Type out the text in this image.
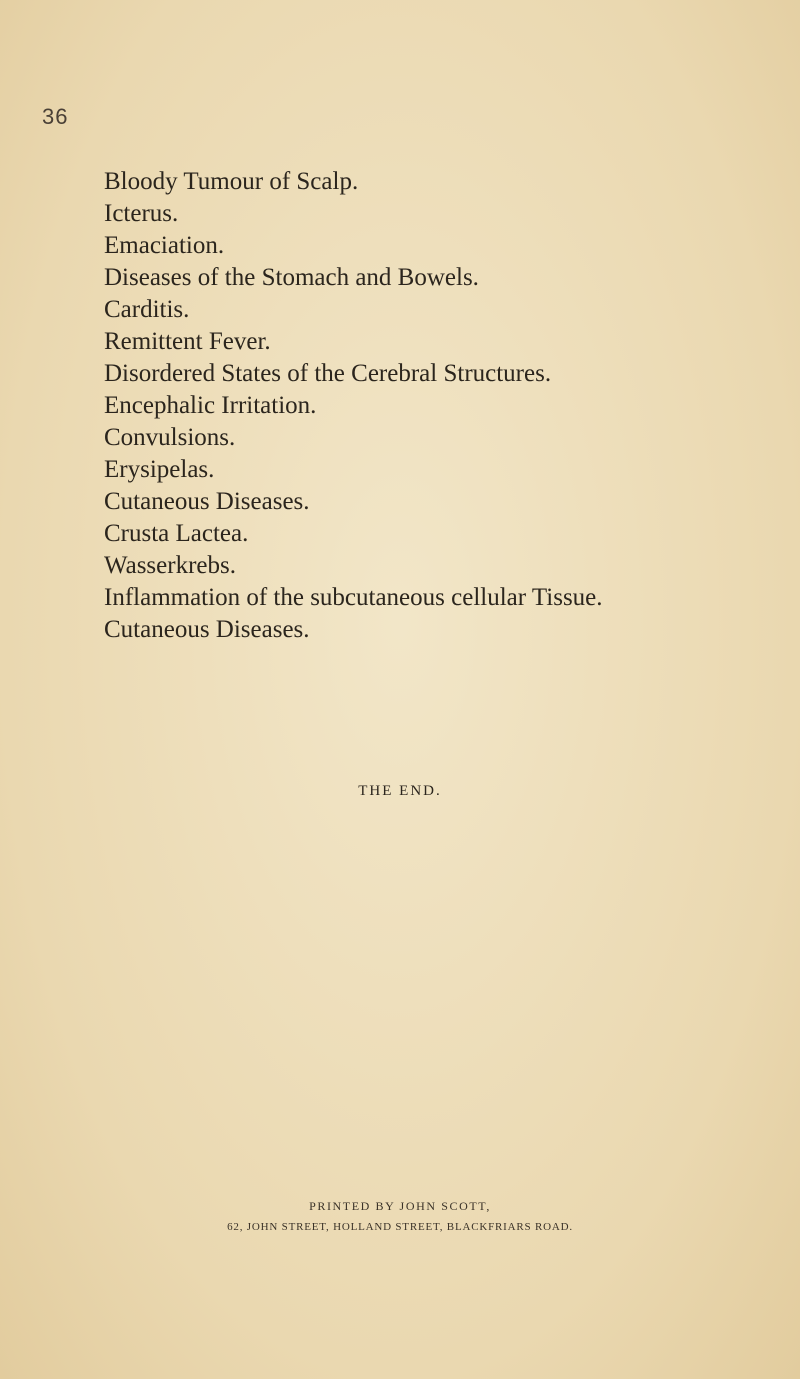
36
Bloody Tumour of Scalp.
Icterus.
Emaciation.
Diseases of the Stomach and Bowels.
Carditis.
Remittent Fever.
Disordered States of the Cerebral Structures.
Encephalic Irritation.
Convulsions.
Erysipelas.
Cutaneous Diseases.
Crusta Lactea.
Wasserkrebs.
Inflammation of the subcutaneous cellular Tissue.
Cutaneous Diseases.
THE END.
PRINTED BY JOHN SCOTT,
62, JOHN STREET, HOLLAND STREET, BLACKFRIARS ROAD.
